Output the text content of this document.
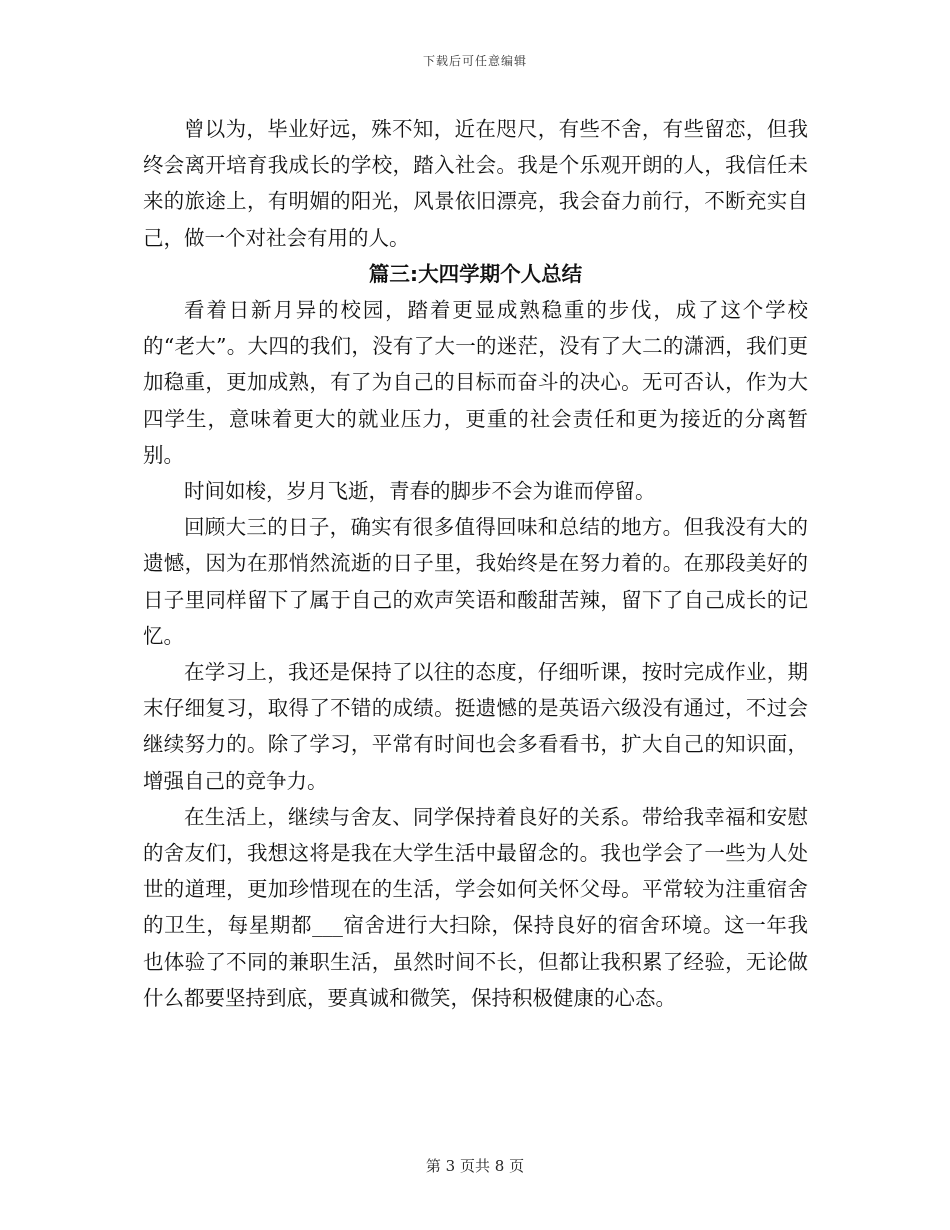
下载后可任意编辑

曾以为，毕业好远，殊不知，近在咫尺，有些不舍，有些留恋，但我终会离开培育我成长的学校，踏入社会。我是个乐观开朗的人，我信任未来的旅途上，有明媚的阳光，风景依旧漂亮，我会奋力前行，不断充实自己，做一个对社会有用的人。

篇三:大四学期个人总结

看着日新月异的校园，踏着更显成熟稳重的步伐，成了这个学校的“老大”。大四的我们，没有了大一的迷茫，没有了大二的潇洒，我们更加稳重，更加成熟，有了为自己的目标而奋斗的决心。无可否认，作为大四学生，意味着更大的就业压力，更重的社会责任和更为接近的分离暂别。

时间如梭，岁月飞逝，青春的脚步不会为谁而停留。

回顾大三的日子，确实有很多值得回味和总结的地方。但我没有大的遗憾，因为在那悄然流逝的日子里，我始终是在努力着的。在那段美好的日子里同样留下了属于自己的欢声笑语和酸甜苦辣，留下了自己成长的记忆。

在学习上，我还是保持了以往的态度，仔细听课，按时完成作业，期末仔细复习，取得了不错的成绩。挺遗憾的是英语六级没有通过，不过会继续努力的。除了学习，平常有时间也会多看看书，扩大自己的知识面，增强自己的竞争力。

在生活上，继续与舍友、同学保持着良好的关系。带给我幸福和安慰的舍友们，我想这将是我在大学生活中最留念的。我也学会了一些为人处世的道理，更加珍惜现在的生活，学会如何关怀父母。平常较为注重宿舍的卫生，每星期都___宿舍进行大扫除，保持良好的宿舍环境。这一年我也体验了不同的兼职生活，虽然时间不长，但都让我积累了经验，无论做什么都要坚持到底，要真诚和微笑，保持积极健康的心态。

第 3 页共 8 页
